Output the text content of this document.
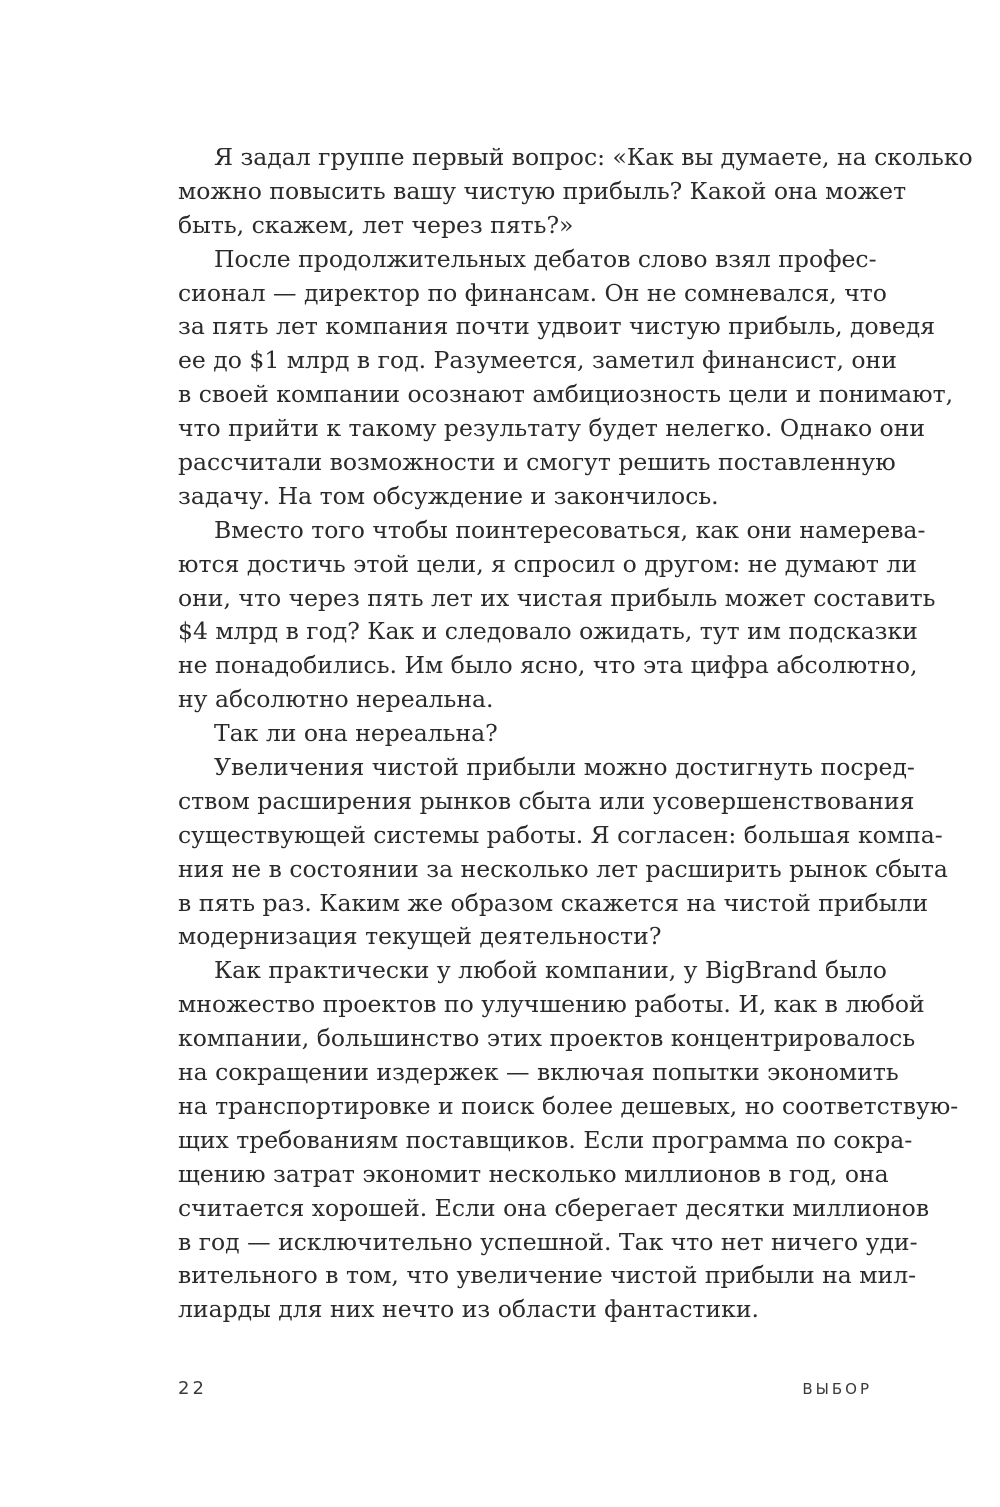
Я задал группе первый вопрос: «Как вы думаете, на сколько
можно повысить вашу чистую прибыль? Какой она может
быть, скажем, лет через пять?»
После продолжительных дебатов слово взял профес-
сионал — директор по финансам. Он не сомневался, что
за пять лет компания почти удвоит чистую прибыль, доведя
ее до $1 млрд в год. Разумеется, заметил финансист, они
в своей компании осознают амбициозность цели и понимают,
что прийти к такому результату будет нелегко. Однако они
рассчитали возможности и смогут решить поставленную
задачу. На том обсуждение и закончилось.
Вместо того чтобы поинтересоваться, как они намерева-
ются достичь этой цели, я спросил о другом: не думают ли
они, что через пять лет их чистая прибыль может составить
$4 млрд в год? Как и следовало ожидать, тут им подсказки
не понадобились. Им было ясно, что эта цифра абсолютно,
ну абсолютно нереальна.
Так ли она нереальна?
Увеличения чистой прибыли можно достигнуть посред-
ством расширения рынков сбыта или усовершенствования
существующей системы работы. Я согласен: большая компа-
ния не в состоянии за несколько лет расширить рынок сбыта
в пять раз. Каким же образом скажется на чистой прибыли
модернизация текущей деятельности?
Как практически у любой компании, у BigBrand было
множество проектов по улучшению работы. И, как в любой
компании, большинство этих проектов концентрировалось
на сокращении издержек — включая попытки экономить
на транспортировке и поиск более дешевых, но соответствую-
щих требованиям поставщиков. Если программа по сокра-
щению затрат экономит несколько миллионов в год, она
считается хорошей. Если она сберегает десятки миллионов
в год — исключительно успешной. Так что нет ничего уди-
вительного в том, что увеличение чистой прибыли на мил-
лиарды для них нечто из области фантастики.
22	ВЫБОР
